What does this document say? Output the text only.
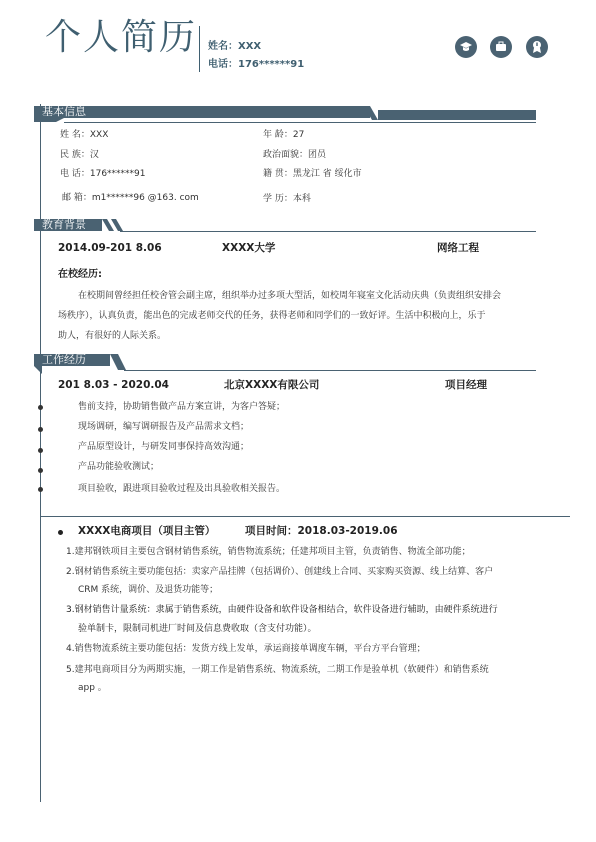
个人简历 姓名：XXX
电话：176******91
基本信息
姓 名：XXX	年 龄：27
民 族：汉	政治面貌：团员
电 话：176******91	籍 贯：黑龙江 省 绥化市
邮 箱：m1******96 @163. com	学 历：本科
教育背景
2014.09-201 8.06	XXXX大学	网络工程
在校经历:
在校期间曾经担任校舍管会副主席，组织举办过多项大型活，如校周年寝室文化活动庆典（负责组织安排会
场秩序），认真负责，能出色的完成老师交代的任务，获得老师和同学们的一致好评。生活中积极向上，乐于
助人，有很好的人际关系。
工作经历
201 8.03 - 2020.04	北京XXXX有限公司	项目经理
售前支持，协助销售做产品方案宣讲，为客户答疑；
现场调研，编写调研报告及产品需求文档；
产品原型设计，与研发同事保持高效沟通；
产品功能验收测试；
项目验收，跟进项目验收过程及出具验收相关报告。
XXXX电商项目（项目主管）	项目时间：2018.03-2019.06
1.建邦钢铁项目主要包含钢材销售系统，销售物流系统；任建邦项目主管，负责销售、物流全部功能；
2.钢材销售系统主要功能包括：卖家产品挂牌（包括调价）、创建线上合同、买家购买资源、线上结算、客户
CRM 系统，调价、及退货功能等；
3.钢材销售计量系统：隶属于销售系统，由硬件设备和软件设备相结合，软件设备进行辅助，由硬件系统进行
验单制卡，限制司机进厂时间及信息费收取（含支付功能）。
4.销售物流系统主要功能包括：发货方线上发单，承运商接单调度车辆，平台方平台管理；
5.建邦电商项目分为两期实施，一期工作是销售系统、物流系统，二期工作是验单机（软硬件）和销售系统
app 。
